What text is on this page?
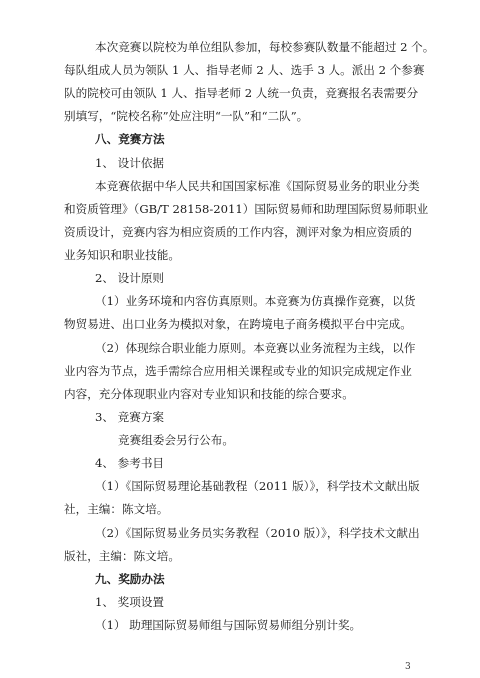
本次竞赛以院校为单位组队参加，每校参赛队数量不能超过 2 个。
每队组成人员为领队 1 人、指导老师 2 人、选手 3 人。派出 2 个参赛
队的院校可由领队 1 人、指导老师 2 人统一负责，竞赛报名表需要分
别填写，“院校名称”处应注明“一队”和“二队”。
八、竞赛方法
1、 设计依据
本竞赛依据中华人民共和国国家标准《国际贸易业务的职业分类
和资质管理》（GB/T 28158-2011）国际贸易师和助理国际贸易师职业
资质设计，竞赛内容为相应资质的工作内容，测评对象为相应资质的
业务知识和职业技能。
2、 设计原则
（1）业务环境和内容仿真原则。本竞赛为仿真操作竞赛，以货
物贸易进、出口业务为模拟对象，在跨境电子商务模拟平台中完成。
（2）体现综合职业能力原则。本竞赛以业务流程为主线，以作
业内容为节点，选手需综合应用相关课程或专业的知识完成规定作业
内容，充分体现职业内容对专业知识和技能的综合要求。
3、 竞赛方案
竞赛组委会另行公布。
4、 参考书目
（1）《国际贸易理论基础教程（2011 版）》，科学技术文献出版
社，主编：陈文培。
（2）《国际贸易业务员实务教程（2010 版）》，科学技术文献出
版社，主编：陈文培。
九、奖励办法
1、 奖项设置
（1） 助理国际贸易师组与国际贸易师组分别计奖。
3
